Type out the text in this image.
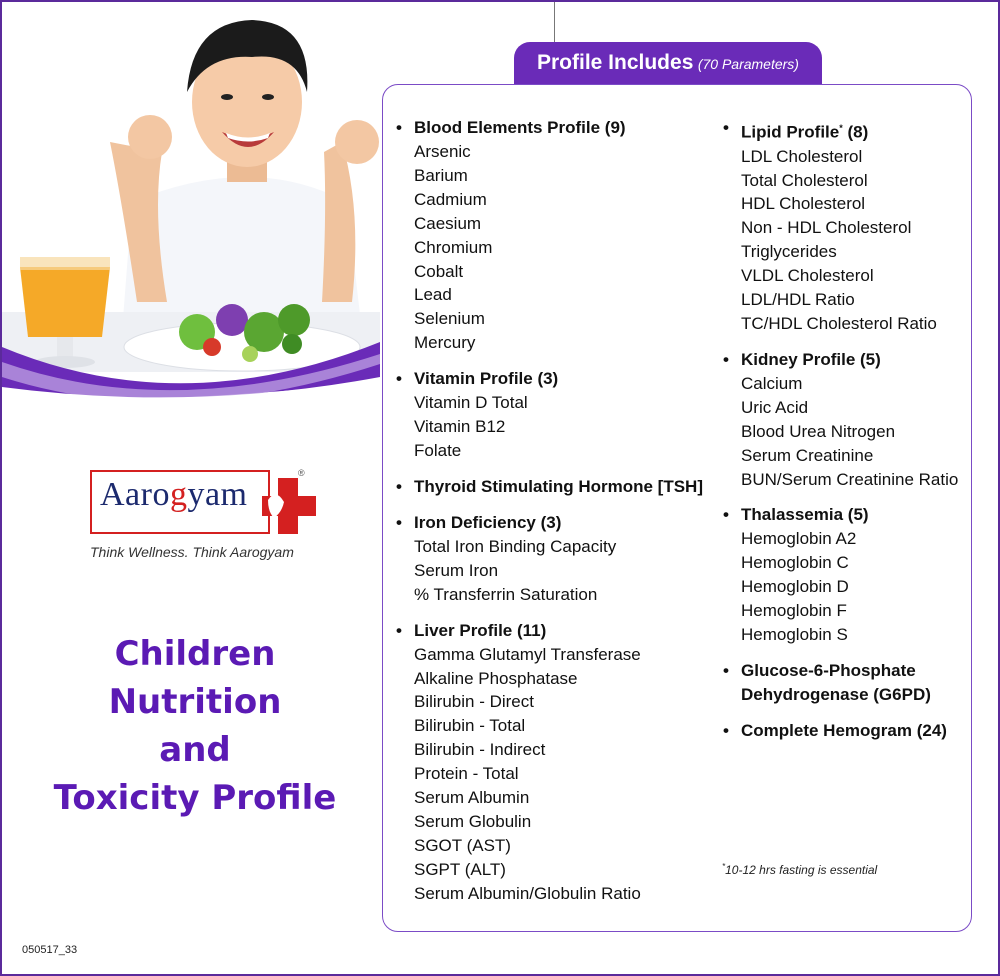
Aarogyam
®
Think Wellness. Think Aarogyam
Children
Nutrition
and
Toxicity Profile
050517_33
Profile Includes (70 Parameters)
• Blood Elements Profile (9)
Arsenic
Barium
Cadmium
Caesium
Chromium
Cobalt
Lead
Selenium
Mercury
• Vitamin Profile (3)
Vitamin D Total
Vitamin B12
Folate
• Thyroid Stimulating Hormone [TSH]
• Iron Deficiency (3)
Total Iron Binding Capacity
Serum Iron
% Transferrin Saturation
• Liver Profile (11)
Gamma Glutamyl Transferase
Alkaline Phosphatase
Bilirubin - Direct
Bilirubin - Total
Bilirubin - Indirect
Protein - Total
Serum Albumin
Serum Globulin
SGOT (AST)
SGPT (ALT)
Serum Albumin/Globulin Ratio
• Lipid Profile* (8)
LDL Cholesterol
Total Cholesterol
HDL Cholesterol
Non - HDL Cholesterol
Triglycerides
VLDL Cholesterol
LDL/HDL Ratio
TC/HDL Cholesterol Ratio
• Kidney Profile (5)
Calcium
Uric Acid
Blood Urea Nitrogen
Serum Creatinine
BUN/Serum Creatinine Ratio
• Thalassemia (5)
Hemoglobin A2
Hemoglobin C
Hemoglobin D
Hemoglobin F
Hemoglobin S
• Glucose-6-Phosphate Dehydrogenase (G6PD)
• Complete Hemogram (24)
*10-12 hrs fasting is essential
